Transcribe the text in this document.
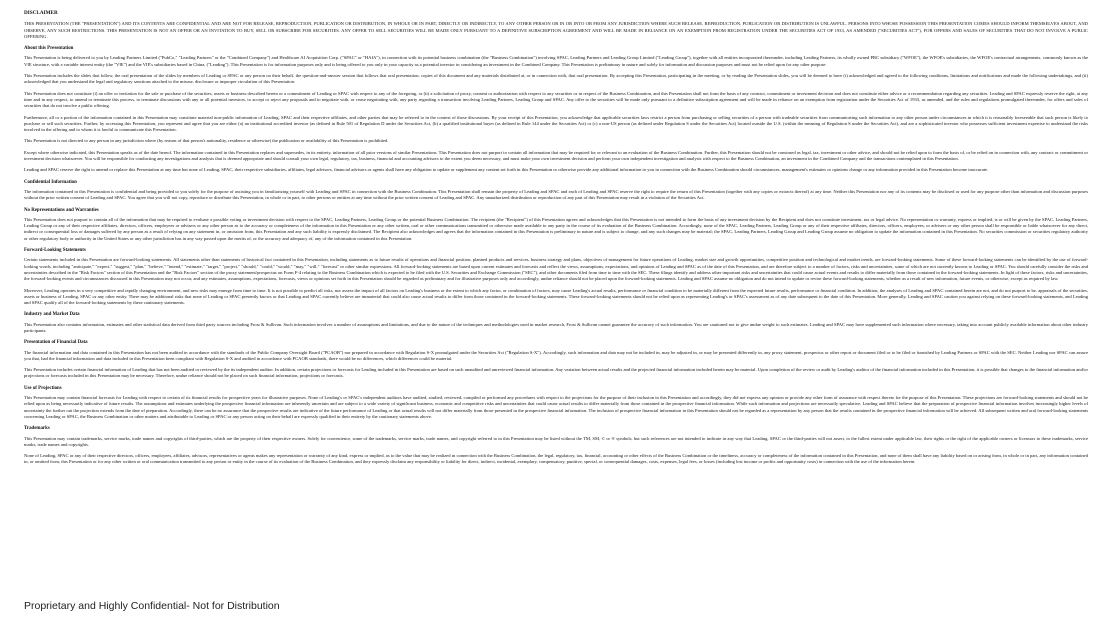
DISCLAIMER

THIS PRESENTATION (THE "PRESENTATION") AND ITS CONTENTS ARE CONFIDENTIAL AND ARE NOT FOR RELEASE, REPRODUCTION, PUBLICATION OR DISTRIBUTION, IN WHOLE OR IN PART, DIRECTLY OR INDIRECTLY, TO ANY OTHER PERSON OR IN OR INTO OR FROM ANY JURISDICTION WHERE SUCH RELEASE, REPRODUCTION, PUBLICATION OR DISTRIBUTION IS UNLAWFUL. PERSONS INTO WHOSE POSSESSION THIS PRESENTATION COMES SHOULD INFORM THEMSELVES ABOUT, AND OBSERVE, ANY SUCH RESTRICTIONS. THIS PRESENTATION IS NOT AN OFFER OR AN INVITATION TO BUY, SELL OR SUBSCRIBE FOR SECURITIES. ANY OFFER TO SELL SECURITIES WILL BE MADE ONLY PURSUANT TO A DEFINITIVE SUBSCRIPTION AGREEMENT AND WILL BE MADE IN RELIANCE ON AN EXEMPTION FROM REGISTRATION UNDER THE SECURITIES ACT OF 1933, AS AMENDED ("SECURITIES ACT"), FOR OFFERS AND SALES OF SECURITIES THAT DO NOT INVOLVE A PUBLIC OFFERING.

About this Presentation

This Presentation is being delivered to you by Leading Partners Limited ("PubCo," "Leading Partners" or the "Combined Company") and Healthcare AI Acquisition Corp. ("SPAC" or "HAIA"), in connection with its potential business combination (the "Business Combination") involving SPAC, Leading Partners and Leading Group Limited ("Leading Group"), together with all entities incorporated thereunder, including Leading Partners, its wholly owned PRC subsidiary ("WFOE"), the WFOE's subsidiaries, the WFOE's contractual arrangements, commonly known as the VIE structure, with a variable interest entity (the "VIE") and the VIE's subsidiaries based in China, ("Leading"). This Presentation is for information purposes only and is being offered to you only in your capacity as a potential investor in considering an investment in the Combined Company. This Presentation is preliminary in nature and solely for information and discussion purposes and must not be relied upon for any other purpose.

This Presentation includes the slides that follow, the oral presentation of the slides by members of Leading or SPAC or any person on their behalf, the question-and-answer session that follows that oral presentation, copies of this document and any materials distributed at, or in connection with, that oral presentation. By accepting this Presentation, participating in the meeting, or by reading the Presentation slides, you will be deemed to have (i) acknowledged and agreed to the following conditions, limitations and notifications and made the following undertakings, and (ii) acknowledged that you understand the legal and regulatory sanctions attached to the misuse, disclosure or improper circulation of this Presentation.

This Presentation does not constitute (i) an offer or invitation for the sale or purchase of the securities, assets or business described herein or a commitment of Leading or SPAC with respect to any of the foregoing, or (ii) a solicitation of proxy, consent or authorization with respect to any securities or in respect of the Business Combination, and this Presentation shall not form the basis of any contract, commitment or investment decision and does not constitute either advice or a recommendation regarding any securities. Leading and SPAC expressly reserve the right, at any time and in any respect, to amend or terminate this process, to terminate discussions with any or all potential investors, to accept or reject any proposals and to negotiate with, or cease negotiating with, any party regarding a transaction involving Leading Partners, Leading Group and SPAC. Any offer to the securities will be made only pursuant to a definitive subscription agreement and will be made in reliance on an exemption from registration under the Securities Act of 1933, as amended, and the rules and regulations promulgated thereunder, for offers and sales of securities that do not involve a public offering.

Furthermore, all or a portion of the information contained in this Presentation may constitute material non-public information of Leading, SPAC and their respective affiliates, and other parties that may be referred to in the context of those discussions. By your receipt of this Presentation, you acknowledge that applicable securities laws restrict a person from purchasing or selling securities of a person with tradeable securities from communicating such information to any other person under circumstances in which it is reasonably foreseeable that such person is likely to purchase or sell such securities. Further, by accessing this Presentation, you represent and agree that you are either (a) an institutional accredited investor (as defined in Rule 501 of Regulation D under the Securities Act, (b) a qualified institutional buyer (as defined in Rule 144 under the Securities Act) or (c) a non-US person (as defined under Regulation S under the Securities Act) located outside the U.S. (within the meaning of Regulation S under the Securities Act), and are a sophisticated investor who possesses sufficient investment expertise to understand the risks involved in the offering and to whom it is lawful to communicate this Presentation.

This Presentation is not directed to any person in any jurisdiction where (by reason of that person's nationality, residence or otherwise) the publication or availability of this Presentation is prohibited.

Except where otherwise indicated, this Presentation speaks as of the date hereof. The information contained in this Presentation replaces and supersedes, in its entirety, information of all prior versions of similar Presentations. This Presentation does not purport to contain all information that may be required for or relevant to an evaluation of the Business Combination. Further, this Presentation should not be construed as legal, tax, investment or other advice, and should not be relied upon to form the basis of, or be relied on in connection with, any contract or commitment or investment decision whatsoever. You will be responsible for conducting any investigations and analysis that is deemed appropriate and should consult your own legal, regulatory, tax, business, financial and accounting advisors to the extent you deem necessary, and must make your own investment decision and perform your own independent investigation and analysis with respect to the Business Combination, an investment in the Combined Company and the transactions contemplated in this Presentation.

Leading and SPAC reserve the right to amend or replace this Presentation at any time but none of Leading, SPAC, their respective subsidiaries, affiliates, legal advisors, financial advisors or agents shall have any obligation to update or supplement any content set forth in this Presentation or otherwise provide any additional information to you in connection with the Business Combination should circumstances, management's estimates or opinions change or any information provided in this Presentation become inaccurate.

Confidential Information

The information contained in this Presentation is confidential and being provided to you solely for the purpose of assisting you in familiarizing yourself with Leading and SPAC in connection with the Business Combination. This Presentation shall remain the property of Leading and SPAC and each of Leading and SPAC reserve the right to require the return of this Presentation (together with any copies or extracts thereof) at any time. Neither this Presentation nor any of its contents may be disclosed or used for any purpose other than information and discussion purposes without the prior written consent of Leading and SPAC. You agree that you will not copy, reproduce or distribute this Presentation, in whole or in part, to other persons or entities at any time without the prior written consent of Leading and SPAC. Any unauthorized distribution or reproduction of any part of this Presentation may result in a violation of the Securities Act.

No Representations and Warranties

This Presentation does not purport to contain all of the information that may be required to evaluate a possible voting or investment decision with respect to the SPAC, Leading Partners, Leading Group or the potential Business Combination. The recipient (the "Recipient") of this Presentation agrees and acknowledges that this Presentation is not intended to form the basis of any investment decision by the Recipient and does not constitute investment, tax or legal advice. No representation or warranty, express or implied, is or will be given by the SPAC, Leading Partners, Leading Group or any of their respective affiliates, directors, officers, employees or advisers or any other person as to the accuracy or completeness of the information in this Presentation or any other written, oral or other communications transmitted or otherwise made available to any party in the course of its evaluation of the Business Combination. Accordingly, none of the SPAC, Leading Partners, Leading Group or any of their respective affiliates, directors, officers, employees, or advisers or any other person shall be responsible or liable whatsoever for any direct, indirect or consequential loss or damages suffered by any person as a result of relying on any statement in, or omission from, this Presentation and any such liability is expressly disclaimed. The Recipient also acknowledges and agrees that the information contained in this Presentation is preliminary in nature and is subject to change, and any such changes may be material; the SPAC, Leading Partners, Leading Group and Leading Group assume no obligation to update the information contained in this Presentation. No securities commission or securities regulatory authority or other regulatory body or authority in the United States or any other jurisdiction has in any way passed upon the merits of, or the accuracy and adequacy of, any of the information contained in this Presentation.

Forward-Looking Statements

Certain statements included in this Presentation are forward-looking statements. All statements other than statements of historical fact contained in this Presentation, including statements as to future results of operations and financial position, planned products and services, business strategy and plans, objectives of management for future operations of Leading, market size and growth opportunities, competitive position and technological and market trends, are forward-looking statements. Some of these forward-looking statements can be identified by the use of forward-looking words, including "anticipate," "expect," "suggest," "plan," "believe," "intend," "estimate," "target," "project," "should," "could," "would," "may," "will," "forecast" or other similar expressions. All forward-looking statements are based upon current estimates and forecasts and reflect the views, assumptions, expectations, and opinions of Leading and SPAC as of the date of this Presentation, and are therefore subject to a number of factors, risks and uncertainties, some of which are not currently known to Leading or SPAC. You should carefully consider the risks and uncertainties described in the "Risk Factors" section of this Presentation and the "Risk Factors" section of the proxy statement/prospectus on Form F-4 relating to the Business Combination which is expected to be filed with the U.S. Securities and Exchange Commission ("SEC"), and other documents filed from time to time with the SEC. These filings identify and address other important risks and uncertainties that could cause actual events and results to differ materially from those contained in the forward-looking statements. In light of these factors, risks and uncertainties, the forward-looking events and circumstances discussed in this Presentation may not occur, and any estimates, assumptions, expectations, forecasts, views or opinions set forth in this Presentation should be regarded as preliminary and for illustrative purposes only and accordingly, undue reliance should not be placed upon the forward-looking statements. Leading and SPAC assume no obligation and do not intend to update or revise these forward-looking statements, whether as a result of new information, future events, or otherwise, except as required by law.

Moreover, Leading operates in a very competitive and rapidly changing environment, and new risks may emerge from time to time. It is not possible to predict all risks, nor assess the impact of all factors on Leading's business or the extent to which any factor, or combination of factors, may cause Leading's actual results, performance or financial condition to be materially different from the expected future results, performance or financial condition. In addition, the analyses of Leading and SPAC contained herein are not, and do not purport to be, appraisals of the securities, assets or business of Leading, SPAC or any other entity. There may be additional risks that none of Leading or SPAC presently knows or that Leading and SPAC currently believe are immaterial that could also cause actual results to differ from those contained in the forward-looking statements. These forward-looking statements should not be relied upon as representing Leading's or SPAC's assessment as of any date subsequent to the date of this Presentation. More generally, Leading and SPAC caution you against relying on these forward-looking statements, and Leading and SPAC qualify all of the forward-looking statements by these cautionary statements.

Industry and Market Data

This Presentation also contains information, estimates and other statistical data derived from third party sources including Frost & Sullivan. Such information involves a number of assumptions and limitations, and due to the nature of the techniques and methodologies used in market research, Frost & Sullivan cannot guarantee the accuracy of such information. You are cautioned not to give undue weight to such estimates. Leading and SPAC may have supplemented such information where necessary, taking into account publicly available information about other industry participants.

Presentation of Financial Data

The financial information and data contained in this Presentation has not been audited in accordance with the standards of the Public Company Oversight Board ("PCAOB") nor prepared in accordance with Regulation S-X promulgated under the Securities Act ("Regulation S-X"). Accordingly, such information and data may not be included in, may be adjusted in, or may be presented differently in, any proxy statement, prospectus or other report or document filed or to be filed or furnished by Leading Partners or SPAC with the SEC. Neither Leading nor SPAC can assure you that, had the financial information and data included in this Presentation been compliant with Regulation S-X and audited in accordance with PCAOB standards, there would be no differences, which differences could be material.

This Presentation includes certain financial information of Leading that has not been audited or reviewed by the its independent auditor. In addition, certain projections or forecasts for Leading included in this Presentation are based on such unaudited and unreviewed financial information. Any variation between actual results and the projected financial information included herein may be material. Upon completion of the review or audit by Leading's auditor of the financial information included in this Presentation, it is possible that changes to the financial information and/or projections or forecasts included in this Presentation may be necessary. Therefore, undue reliance should not be placed on such financial information, projections or forecasts.

Use of Projections

This Presentation may contain financial forecasts for Leading with respect to certain of its financial results for prospective years for illustrative purposes. None of Leading's or SPAC's independent auditors have audited, studied, reviewed, compiled or performed any procedures with respect to the projections for the purpose of their inclusion in this Presentation and accordingly, they did not express any opinion or provide any other form of assurance with respect thereto for the purpose of this Presentation. These projections are forward-looking statements and should not be relied upon as being necessarily indicative of future results. The assumptions and estimates underlying the prospective financial information are inherently uncertain and are subject to a wide variety of significant business, economic and competitive risks and uncertainties that could cause actual results to differ materially from those contained in the prospective financial information. While such information and projections are necessarily speculative, Leading and SPAC believe that the preparation of prospective financial information involves increasingly higher levels of uncertainty the further out the projection extends from the date of preparation. Accordingly, there can be no assurance that the prospective results are indicative of the future performance of Leading or that actual results will not differ materially from those presented in the prospective financial information. The inclusion of prospective financial information in this Presentation should not be regarded as a representation by any person that the results contained in the prospective financial information will be achieved. All subsequent written and oral forward-looking statements concerning Leading or SPAC, the Business Combination or other matters and attributable to Leading or SPAC or any person acting on their behalf are expressly qualified in their entirety by the cautionary statements above.

Trademarks

This Presentation may contain trademarks, service marks, trade names and copyrights of third-parties, which are the property of their respective owners. Solely for convenience, some of the trademarks, service marks, trade names, and copyright referred to in this Presentation may be listed without the TM, SM, © or ® symbols, but such references are not intended to indicate in any way that Leading, SPAC or the third-parties will not assert, to the fullest extent under applicable law, their rights or the right of the applicable owners or licensors to these trademarks, service marks, trade names and copyrights.

None of Leading, SPAC or any of their respective directors, officers, employees, affiliates, advisors, representatives or agents makes any representation or warranty of any kind, express or implied, as to the value that may be realized in connection with the Business Combination, the legal, regulatory, tax, financial, accounting or other effects of the Business Combination or the timeliness, accuracy or completeness of the information contained in this Presentation, and none of them shall have any liability based on or arising from, in whole or in part, any information contained in, or omitted from, this Presentation or for any other written or oral communication transmitted to any person or entity in the course of its evaluation of the Business Combination, and they expressly disclaim any responsibility or liability for direct, indirect, incidental, exemplary, compensatory, punitive, special, or consequential damages, costs, expenses, legal fees, or losses (including lost income or profits and opportunity costs) in connection with the use of the information herein.

Proprietary and Highly Confidential- Not for Distribution
